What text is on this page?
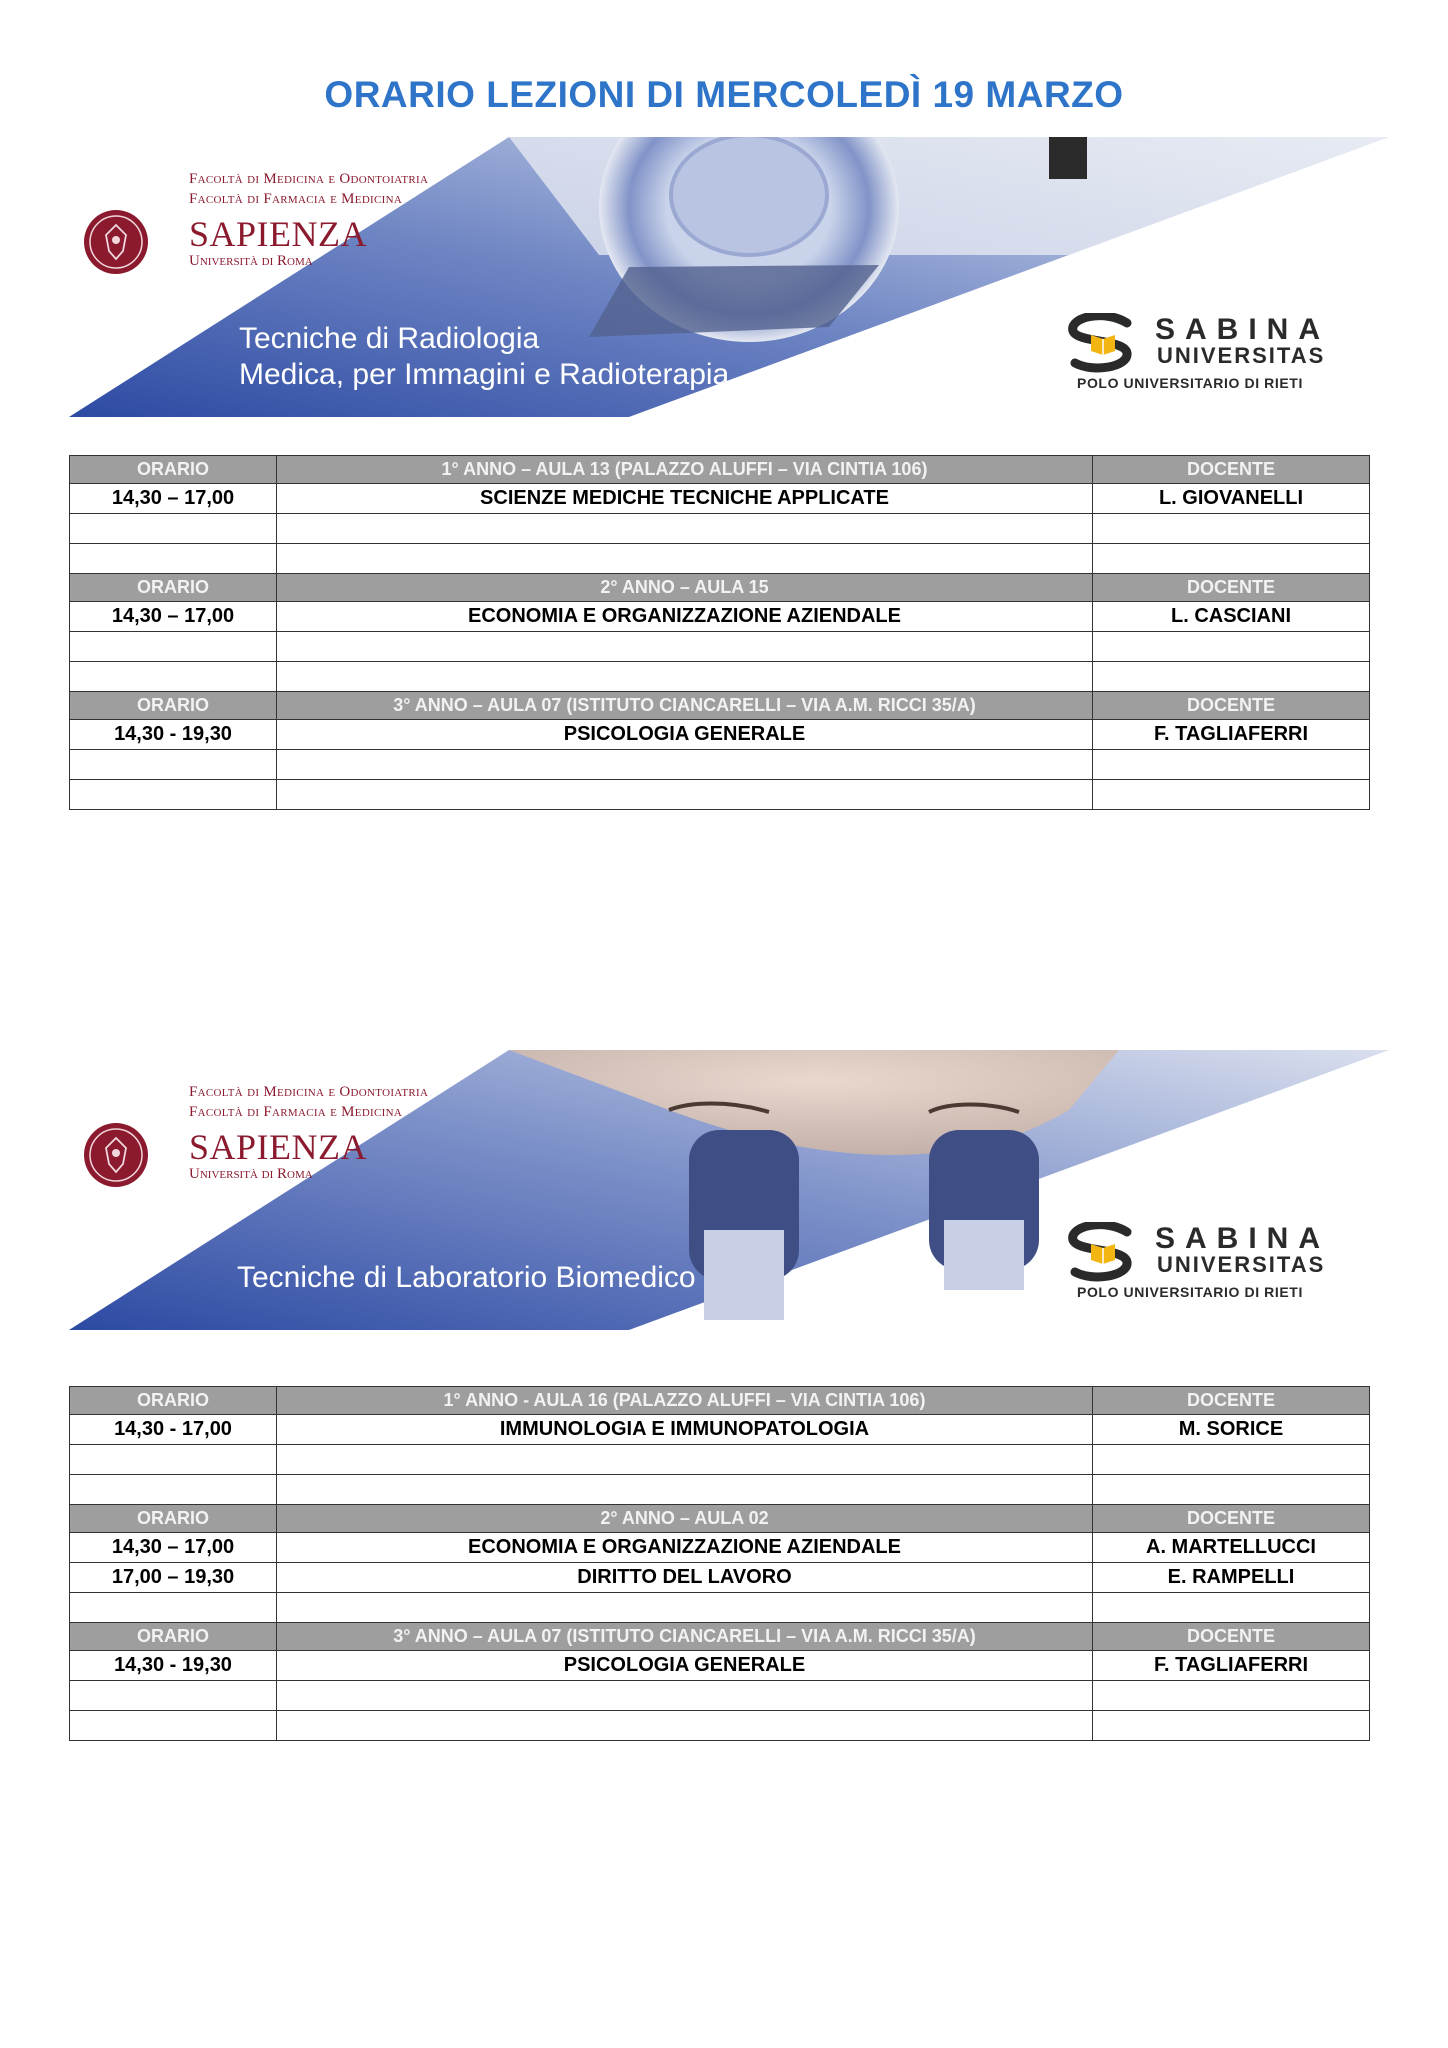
ORARIO LEZIONI DI MERCOLEDÌ 19 MARZO
Facoltà di Medicina e Odontoiatria
Facoltà di Farmacia e Medicina
SAPIENZA
Università di Roma
Tecniche di Radiologia
Medica, per Immagini e Radioterapia
SABINA
UNIVERSITAS
POLO UNIVERSITARIO DI RIETI
ORARIO	1° ANNO – AULA 13 (PALAZZO ALUFFI – VIA CINTIA 106)	DOCENTE
14,30 – 17,00	SCIENZE MEDICHE TECNICHE APPLICATE	L. GIOVANELLI

ORARIO	2° ANNO – AULA 15	DOCENTE
14,30 – 17,00	ECONOMIA E ORGANIZZAZIONE AZIENDALE	L. CASCIANI

ORARIO	3° ANNO – AULA 07 (ISTITUTO CIANCARELLI – VIA A.M. RICCI 35/A)	DOCENTE
14,30 - 19,30	PSICOLOGIA GENERALE	F. TAGLIAFERRI

Facoltà di Medicina e Odontoiatria
Facoltà di Farmacia e Medicina
SAPIENZA
Università di Roma
Tecniche di Laboratorio Biomedico
SABINA
UNIVERSITAS
POLO UNIVERSITARIO DI RIETI
ORARIO	1° ANNO - AULA 16 (PALAZZO ALUFFI – VIA CINTIA 106)	DOCENTE
14,30 - 17,00	IMMUNOLOGIA E IMMUNOPATOLOGIA	M. SORICE

ORARIO	2° ANNO – AULA 02	DOCENTE
14,30 – 17,00	ECONOMIA E ORGANIZZAZIONE AZIENDALE	A. MARTELLUCCI
17,00 – 19,30	DIRITTO DEL LAVORO	E. RAMPELLI

ORARIO	3° ANNO – AULA 07 (ISTITUTO CIANCARELLI – VIA A.M. RICCI 35/A)	DOCENTE
14,30 - 19,30	PSICOLOGIA GENERALE	F. TAGLIAFERRI
